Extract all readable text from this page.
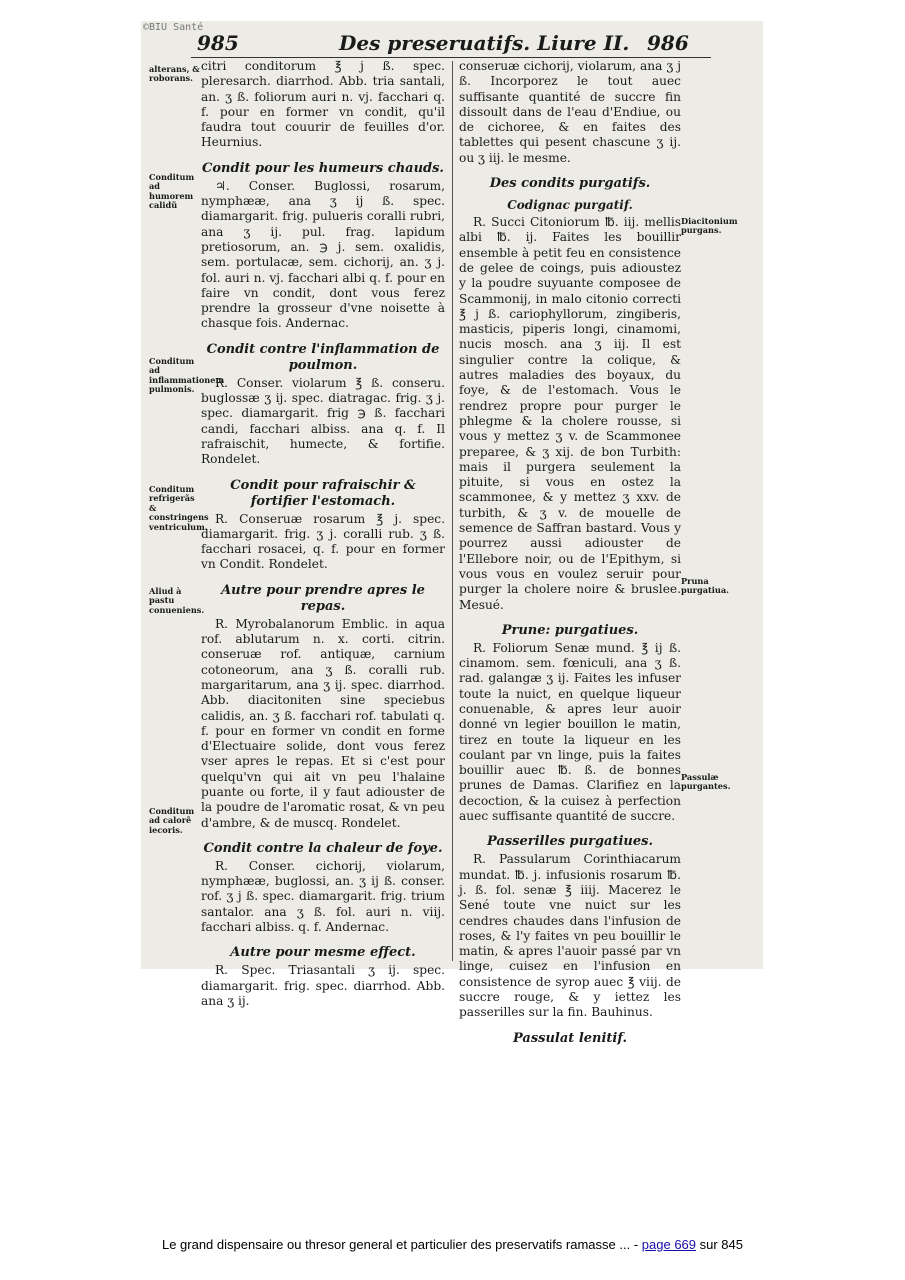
©BIU Santé
985	Des preseruatifs. Liure II. 986
alterans, & roborans.
Conditum ad humorem calidũ
Conditum ad inflammationem pulmonis.
Conditum refrigerãs & constringens ventriculum.
Aliud à pastu conueniens.
Conditum ad calorẽ iecoris.
Diacitonium purgans.
Pruna purgatiua.
Passulæ purgantes.

citri conditorum ℥ j ß. spec. pleresarch. diarrhod. Abb. tria santali, an. ʒ ß. foliorum auri n. vj. facchari q. f. pour en former vn condit, qu'il faudra tout couurir de feuilles d'or. Heurnius.

Condit pour les humeurs chauds.

♃. Conser. Buglossi, rosarum, nymphææ, ana ʒ ij ß. spec. diamargarit. frig. pulueris coralli rubri, ana ʒ ij. pul. frag. lapidum pretiosorum, an. ℈ j. sem. oxalidis, sem. portulacæ, sem. cichorij, an. ʒ j. fol. auri n. vj. facchari albi q. f. pour en faire vn condit, dont vous ferez prendre la grosseur d'vne noisette à chasque fois. Andernac.

Condit contre l'inflammation de poulmon.

R. Conser. violarum ℥ ß. conseru. buglossæ ʒ ij. spec. diatragac. frig. ʒ j. spec. diamargarit. frig ℈ ß. facchari candi, facchari albiss. ana q. f. Il rafraischit, humecte, & fortifie. Rondelet.

Condit pour rafraischir & fortifier l'estomach.

R. Conseruæ rosarum ℥ j. spec. diamargarit. frig. ʒ j. coralli rub. ʒ ß. facchari rosacei, q. f. pour en former vn Condit. Rondelet.

Autre pour prendre apres le repas.

R. Myrobalanorum Emblic. in aqua rof. ablutarum n. x. corti. citrin. conseruæ rof. antiquæ, carnium cotoneorum, ana ʒ ß. coralli rub. margaritarum, ana ʒ ij. spec. diarrhod. Abb. diacitoniten sine speciebus calidis, an. ʒ ß. facchari rof. tabulati q. f. pour en former vn condit en forme d'Electuaire solide, dont vous ferez vser apres le repas. Et si c'est pour quelqu'vn qui ait vn peu l'halaine puante ou forte, il y faut adiouster de la poudre de l'aromatic rosat, & vn peu d'ambre, & de muscq. Rondelet.

Condit contre la chaleur de foye.

R. Conser. cichorij, violarum, nymphææ, buglossi, an. ʒ ij ß. conser. rof. ʒ j ß. spec. diamargarit. frig. trium santalor. ana ʒ ß. fol. auri n. viij. facchari albiss. q. f. Andernac.

Autre pour mesme effect.

R. Spec. Triasantali ʒ ij. spec. diamargarit. frig. spec. diarrhod. Abb. ana ʒ ij.

conseruæ cichorij, violarum, ana ʒ j ß. Incorporez le tout auec suffisante quantité de succre fin dissoult dans de l'eau d'Endiue, ou de cichoree, & en faites des tablettes qui pesent chascune ʒ ij. ou ʒ iij. le mesme.

Des condits purgatifs.
Codignac purgatif.

R. Succi Citoniorum ℔. iij. mellis albi ℔. ij. Faites les bouillir ensemble à petit feu en consistence de gelee de coings, puis adioustez y la poudre suyuante composee de Scammonij, in malo citonio correcti ℥ j ß. cariophyllorum, zingiberis, masticis, piperis longi, cinamomi, nucis mosch. ana ʒ iij. Il est singulier contre la colique, & autres maladies des boyaux, du foye, & de l'estomach. Vous le rendrez propre pour purger le phlegme & la cholere rousse, si vous y mettez ʒ v. de Scammonee preparee, & ʒ xij. de bon Turbith: mais il purgera seulement la pituite, si vous en ostez la scammonee, & y mettez ʒ xxv. de turbith, & ʒ v. de mouelle de semence de Saffran bastard. Vous y pourrez aussi adiouster de l'Ellebore noir, ou de l'Epithym, si vous vous en voulez seruir pour purger la cholere noire & bruslee. Mesué.

Prune: purgatiues.

R. Foliorum Senæ mund. ℥ ij ß. cinamom. sem. fœniculi, ana ʒ ß. rad. galangæ ʒ ij. Faites les infuser toute la nuict, en quelque liqueur conuenable, & apres leur auoir donné vn legier bouillon le matin, tirez en toute la liqueur en les coulant par vn linge, puis la faites bouillir auec ℔. ß. de bonnes prunes de Damas. Clarifiez en la decoction, & la cuisez à perfection auec suffisante quantité de succre.

Passerilles purgatiues.

R. Passularum Corinthiacarum mundat. ℔. j. infusionis rosarum ℔. j. ß. fol. senæ ℥ iiij. Macerez le Sené toute vne nuict sur les cendres chaudes dans l'infusion de roses, & l'y faites vn peu bouillir le matin, & apres l'auoir passé par vn linge, cuisez en l'infusion en consistence de syrop auec ℥ viij. de succre rouge, & y iettez les passerilles sur la fin. Bauhinus.

Passulat lenitif.
Le grand dispensaire ou thresor general et particulier des preservatifs ramasse ... - page 669 sur 845
